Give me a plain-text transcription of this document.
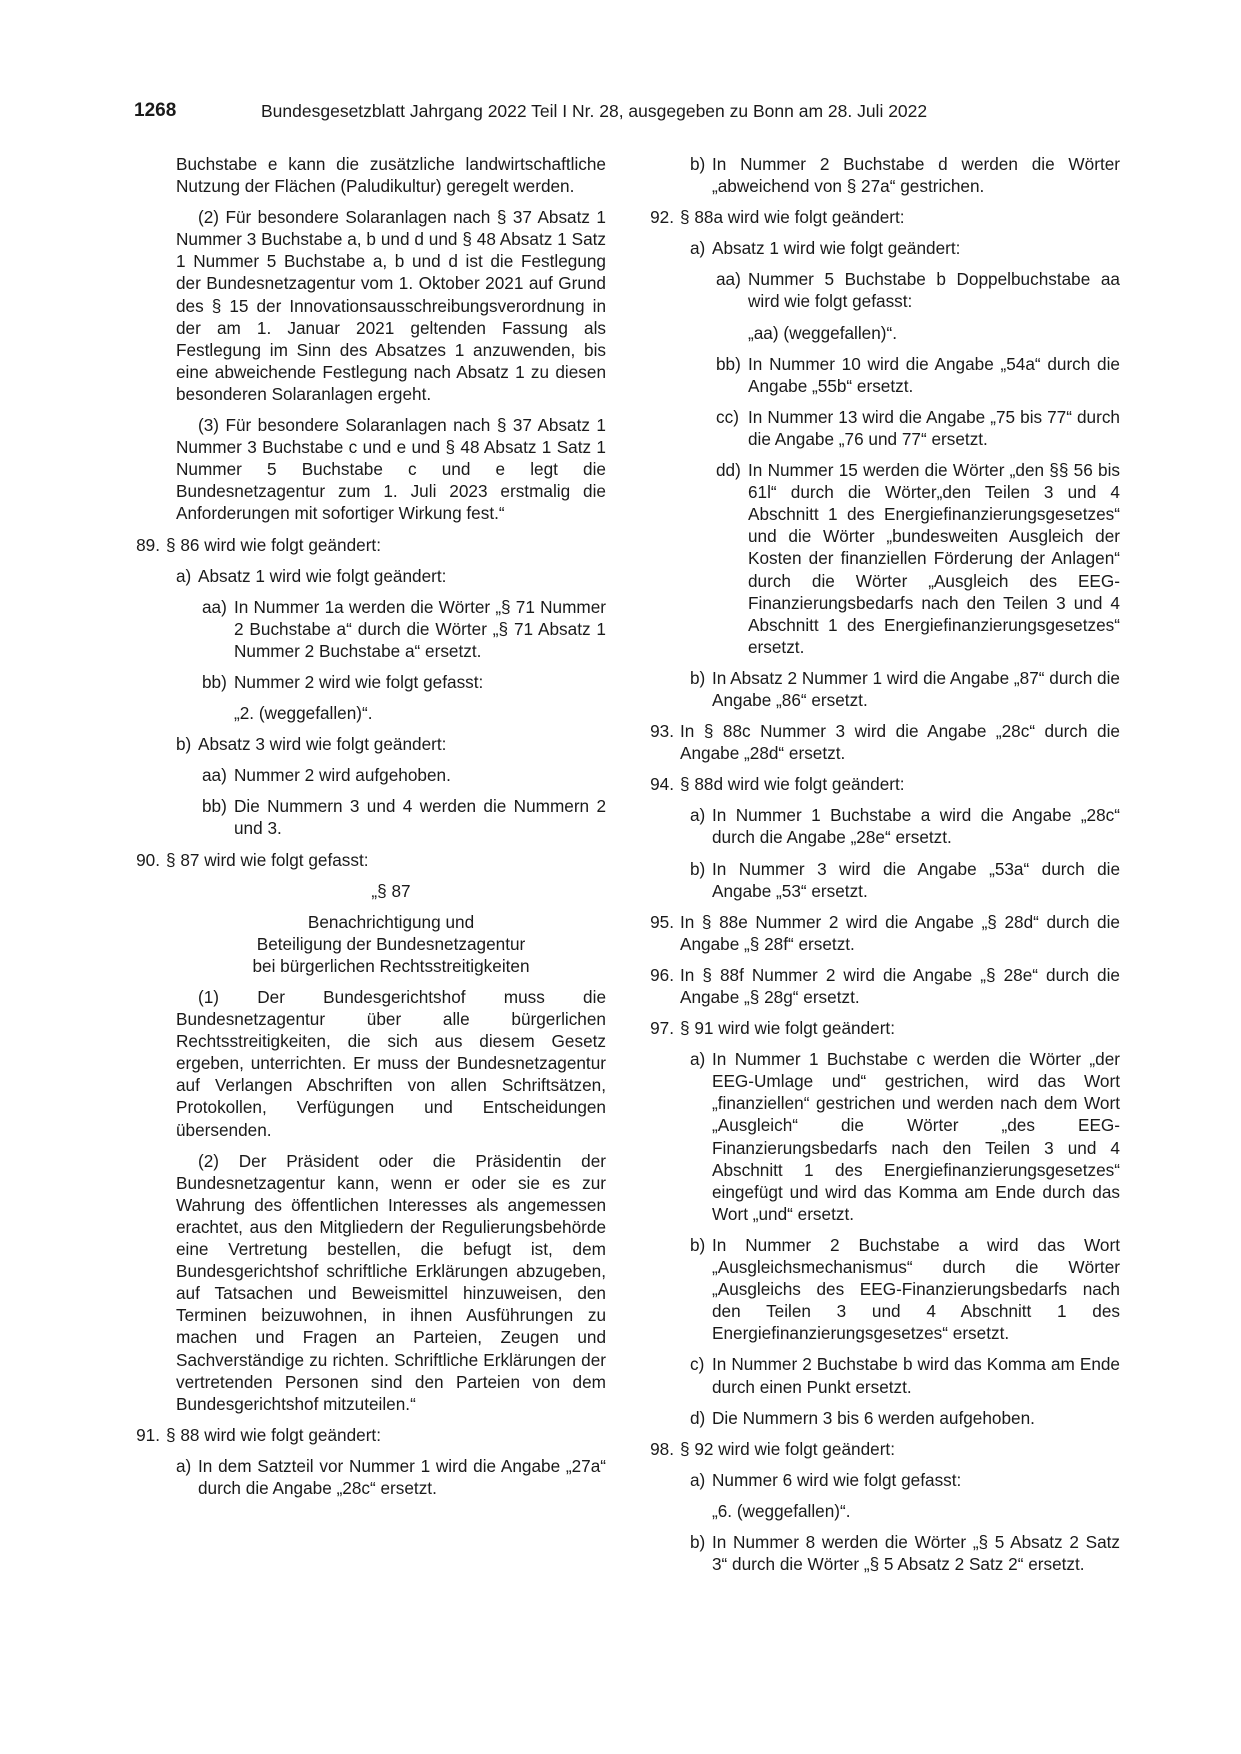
1268	Bundesgesetzblatt Jahrgang 2022 Teil I Nr. 28, ausgegeben zu Bonn am 28. Juli 2022

Buchstabe e kann die zusätzliche landwirtschaftliche Nutzung der Flächen (Paludikultur) geregelt werden.

(2) Für besondere Solaranlagen nach § 37 Absatz 1 Nummer 3 Buchstabe a, b und d und § 48 Absatz 1 Satz 1 Nummer 5 Buchstabe a, b und d ist die Festlegung der Bundesnetzagentur vom 1. Oktober 2021 auf Grund des § 15 der Innovationsausschreibungsverordnung in der am 1. Januar 2021 geltenden Fassung als Festlegung im Sinn des Absatzes 1 anzuwenden, bis eine abweichende Festlegung nach Absatz 1 zu diesen besonderen Solaranlagen ergeht.

(3) Für besondere Solaranlagen nach § 37 Absatz 1 Nummer 3 Buchstabe c und e und § 48 Absatz 1 Satz 1 Nummer 5 Buchstabe c und e legt die Bundesnetzagentur zum 1. Juli 2023 erstmalig die Anforderungen mit sofortiger Wirkung fest.“

89. § 86 wird wie folgt geändert:
a) Absatz 1 wird wie folgt geändert:
aa) In Nummer 1a werden die Wörter „§ 71 Nummer 2 Buchstabe a“ durch die Wörter „§ 71 Absatz 1 Nummer 2 Buchstabe a“ ersetzt.
bb) Nummer 2 wird wie folgt gefasst:

„2. (weggefallen)“.

b) Absatz 3 wird wie folgt geändert:
aa) Nummer 2 wird aufgehoben.
bb) Die Nummern 3 und 4 werden die Nummern 2 und 3.
90. § 87 wird wie folgt gefasst:

„§ 87

Benachrichtigung und

Beteiligung der Bundesnetzagentur

bei bürgerlichen Rechtsstreitigkeiten

(1) Der Bundesgerichtshof muss die Bundesnetzagentur über alle bürgerlichen Rechtsstreitigkeiten, die sich aus diesem Gesetz ergeben, unterrichten. Er muss der Bundesnetzagentur auf Verlangen Abschriften von allen Schriftsätzen, Protokollen, Verfügungen und Entscheidungen übersenden.

(2) Der Präsident oder die Präsidentin der Bundesnetzagentur kann, wenn er oder sie es zur Wahrung des öffentlichen Interesses als angemessen erachtet, aus den Mitgliedern der Regulierungsbehörde eine Vertretung bestellen, die befugt ist, dem Bundesgerichtshof schriftliche Erklärungen abzugeben, auf Tatsachen und Beweismittel hinzuweisen, den Terminen beizuwohnen, in ihnen Ausführungen zu machen und Fragen an Parteien, Zeugen und Sachverständige zu richten. Schriftliche Erklärungen der vertretenden Personen sind den Parteien von dem Bundesgerichtshof mitzuteilen.“

91. § 88 wird wie folgt geändert:
a) In dem Satzteil vor Nummer 1 wird die Angabe „27a“ durch die Angabe „28c“ ersetzt.
b) In Nummer 2 Buchstabe d werden die Wörter „abweichend von § 27a“ gestrichen.
92. § 88a wird wie folgt geändert:
a) Absatz 1 wird wie folgt geändert:
aa) Nummer 5 Buchstabe b Doppelbuchstabe aa wird wie folgt gefasst:

„aa) (weggefallen)“.

bb) In Nummer 10 wird die Angabe „54a“ durch die Angabe „55b“ ersetzt.
cc) In Nummer 13 wird die Angabe „75 bis 77“ durch die Angabe „76 und 77“ ersetzt.
dd) In Nummer 15 werden die Wörter „den §§ 56 bis 61l“ durch die Wörter„den Teilen 3 und 4 Abschnitt 1 des Energiefinanzierungsgesetzes“ und die Wörter „bundesweiten Ausgleich der Kosten der finanziellen Förderung der Anlagen“ durch die Wörter „Ausgleich des EEG-Finanzierungsbedarfs nach den Teilen 3 und 4 Abschnitt 1 des Energiefinanzierungsgesetzes“ ersetzt.
b) In Absatz 2 Nummer 1 wird die Angabe „87“ durch die Angabe „86“ ersetzt.
93. In § 88c Nummer 3 wird die Angabe „28c“ durch die Angabe „28d“ ersetzt.
94. § 88d wird wie folgt geändert:
a) In Nummer 1 Buchstabe a wird die Angabe „28c“ durch die Angabe „28e“ ersetzt.
b) In Nummer 3 wird die Angabe „53a“ durch die Angabe „53“ ersetzt.
95. In § 88e Nummer 2 wird die Angabe „§ 28d“ durch die Angabe „§ 28f“ ersetzt.
96. In § 88f Nummer 2 wird die Angabe „§ 28e“ durch die Angabe „§ 28g“ ersetzt.
97. § 91 wird wie folgt geändert:
a) In Nummer 1 Buchstabe c werden die Wörter „der EEG-Umlage und“ gestrichen, wird das Wort „finanziellen“ gestrichen und werden nach dem Wort „Ausgleich“ die Wörter „des EEG-Finanzierungsbedarfs nach den Teilen 3 und 4 Abschnitt 1 des Energiefinanzierungsgesetzes“ eingefügt und wird das Komma am Ende durch das Wort „und“ ersetzt.
b) In Nummer 2 Buchstabe a wird das Wort „Ausgleichsmechanismus“ durch die Wörter „Ausgleichs des EEG-Finanzierungsbedarfs nach den Teilen 3 und 4 Abschnitt 1 des Energiefinanzierungsgesetzes“ ersetzt.
c) In Nummer 2 Buchstabe b wird das Komma am Ende durch einen Punkt ersetzt.
d) Die Nummern 3 bis 6 werden aufgehoben.
98. § 92 wird wie folgt geändert:
a) Nummer 6 wird wie folgt gefasst:

„6. (weggefallen)“.

b) In Nummer 8 werden die Wörter „§ 5 Absatz 2 Satz 3“ durch die Wörter „§ 5 Absatz 2 Satz 2“ ersetzt.
